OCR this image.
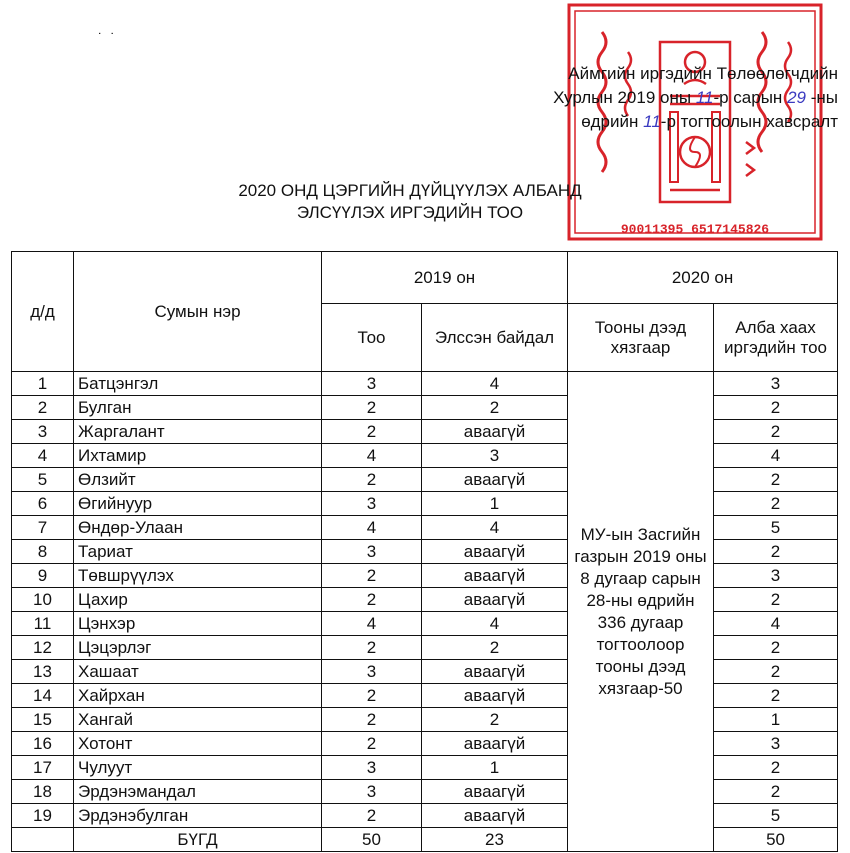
˙ ˙
90011395 6517145826
Аймгийн иргэдийн Төлөөлөгчдийн
Хурлын 2019 оны 11-р сарын 29 -ны
өдрийн 11-р тогтоолын хавсралт
2020 ОНД ЦЭРГИЙН ДҮЙЦҮҮЛЭХ АЛБАНД
ЭЛСҮҮЛЭХ ИРГЭДИЙН ТОО
д/д	Сумын нэр	2019 он		2020 он	
		Тоо	Элссэн байдал	Тооны дээд хязгаар	Алба хаах иргэдийн тоо
1	Батцэнгэл	3	4	МУ-ын Засгийн газрын 2019 оны 8 дугаар сарын 28-ны өдрийн 336 дугаар тогтоолоор тооны дээд хязгаар-50	3
2	Булган	2	2		2
3	Жаргалант	2	аваагүй		2
4	Ихтамир	4	3		4
5	Өлзийт	2	аваагүй		2
6	Өгийнуур	3	1		2
7	Өндөр-Улаан	4	4		5
8	Тариат	3	аваагүй		2
9	Төвшрүүлэх	2	аваагүй		3
10	Цахир	2	аваагүй		2
11	Цэнхэр	4	4		4
12	Цэцэрлэг	2	2		2
13	Хашаат	3	аваагүй		2
14	Хайрхан	2	аваагүй		2
15	Хангай	2	2		1
16	Хотонт	2	аваагүй		3
17	Чулуут	3	1		2
18	Эрдэнэмандал	3	аваагүй		2
19	Эрдэнэбулган	2	аваагүй		5
	БҮГД	50	23		50
